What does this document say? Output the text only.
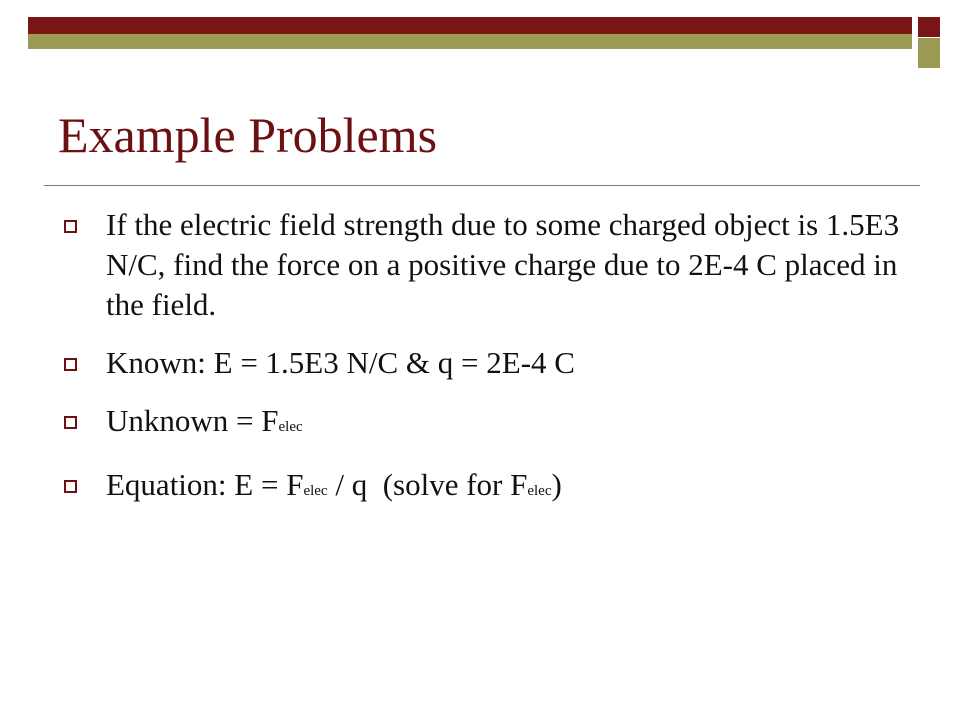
Example Problems
If the electric field strength due to some charged object is 1.5E3 N/C, find the force on a positive charge due to 2E-4 C placed in the field.
Known: E = 1.5E3 N/C & q = 2E-4 C
Unknown = Felec
Equation: E = Felec / q  (solve for Felec)
